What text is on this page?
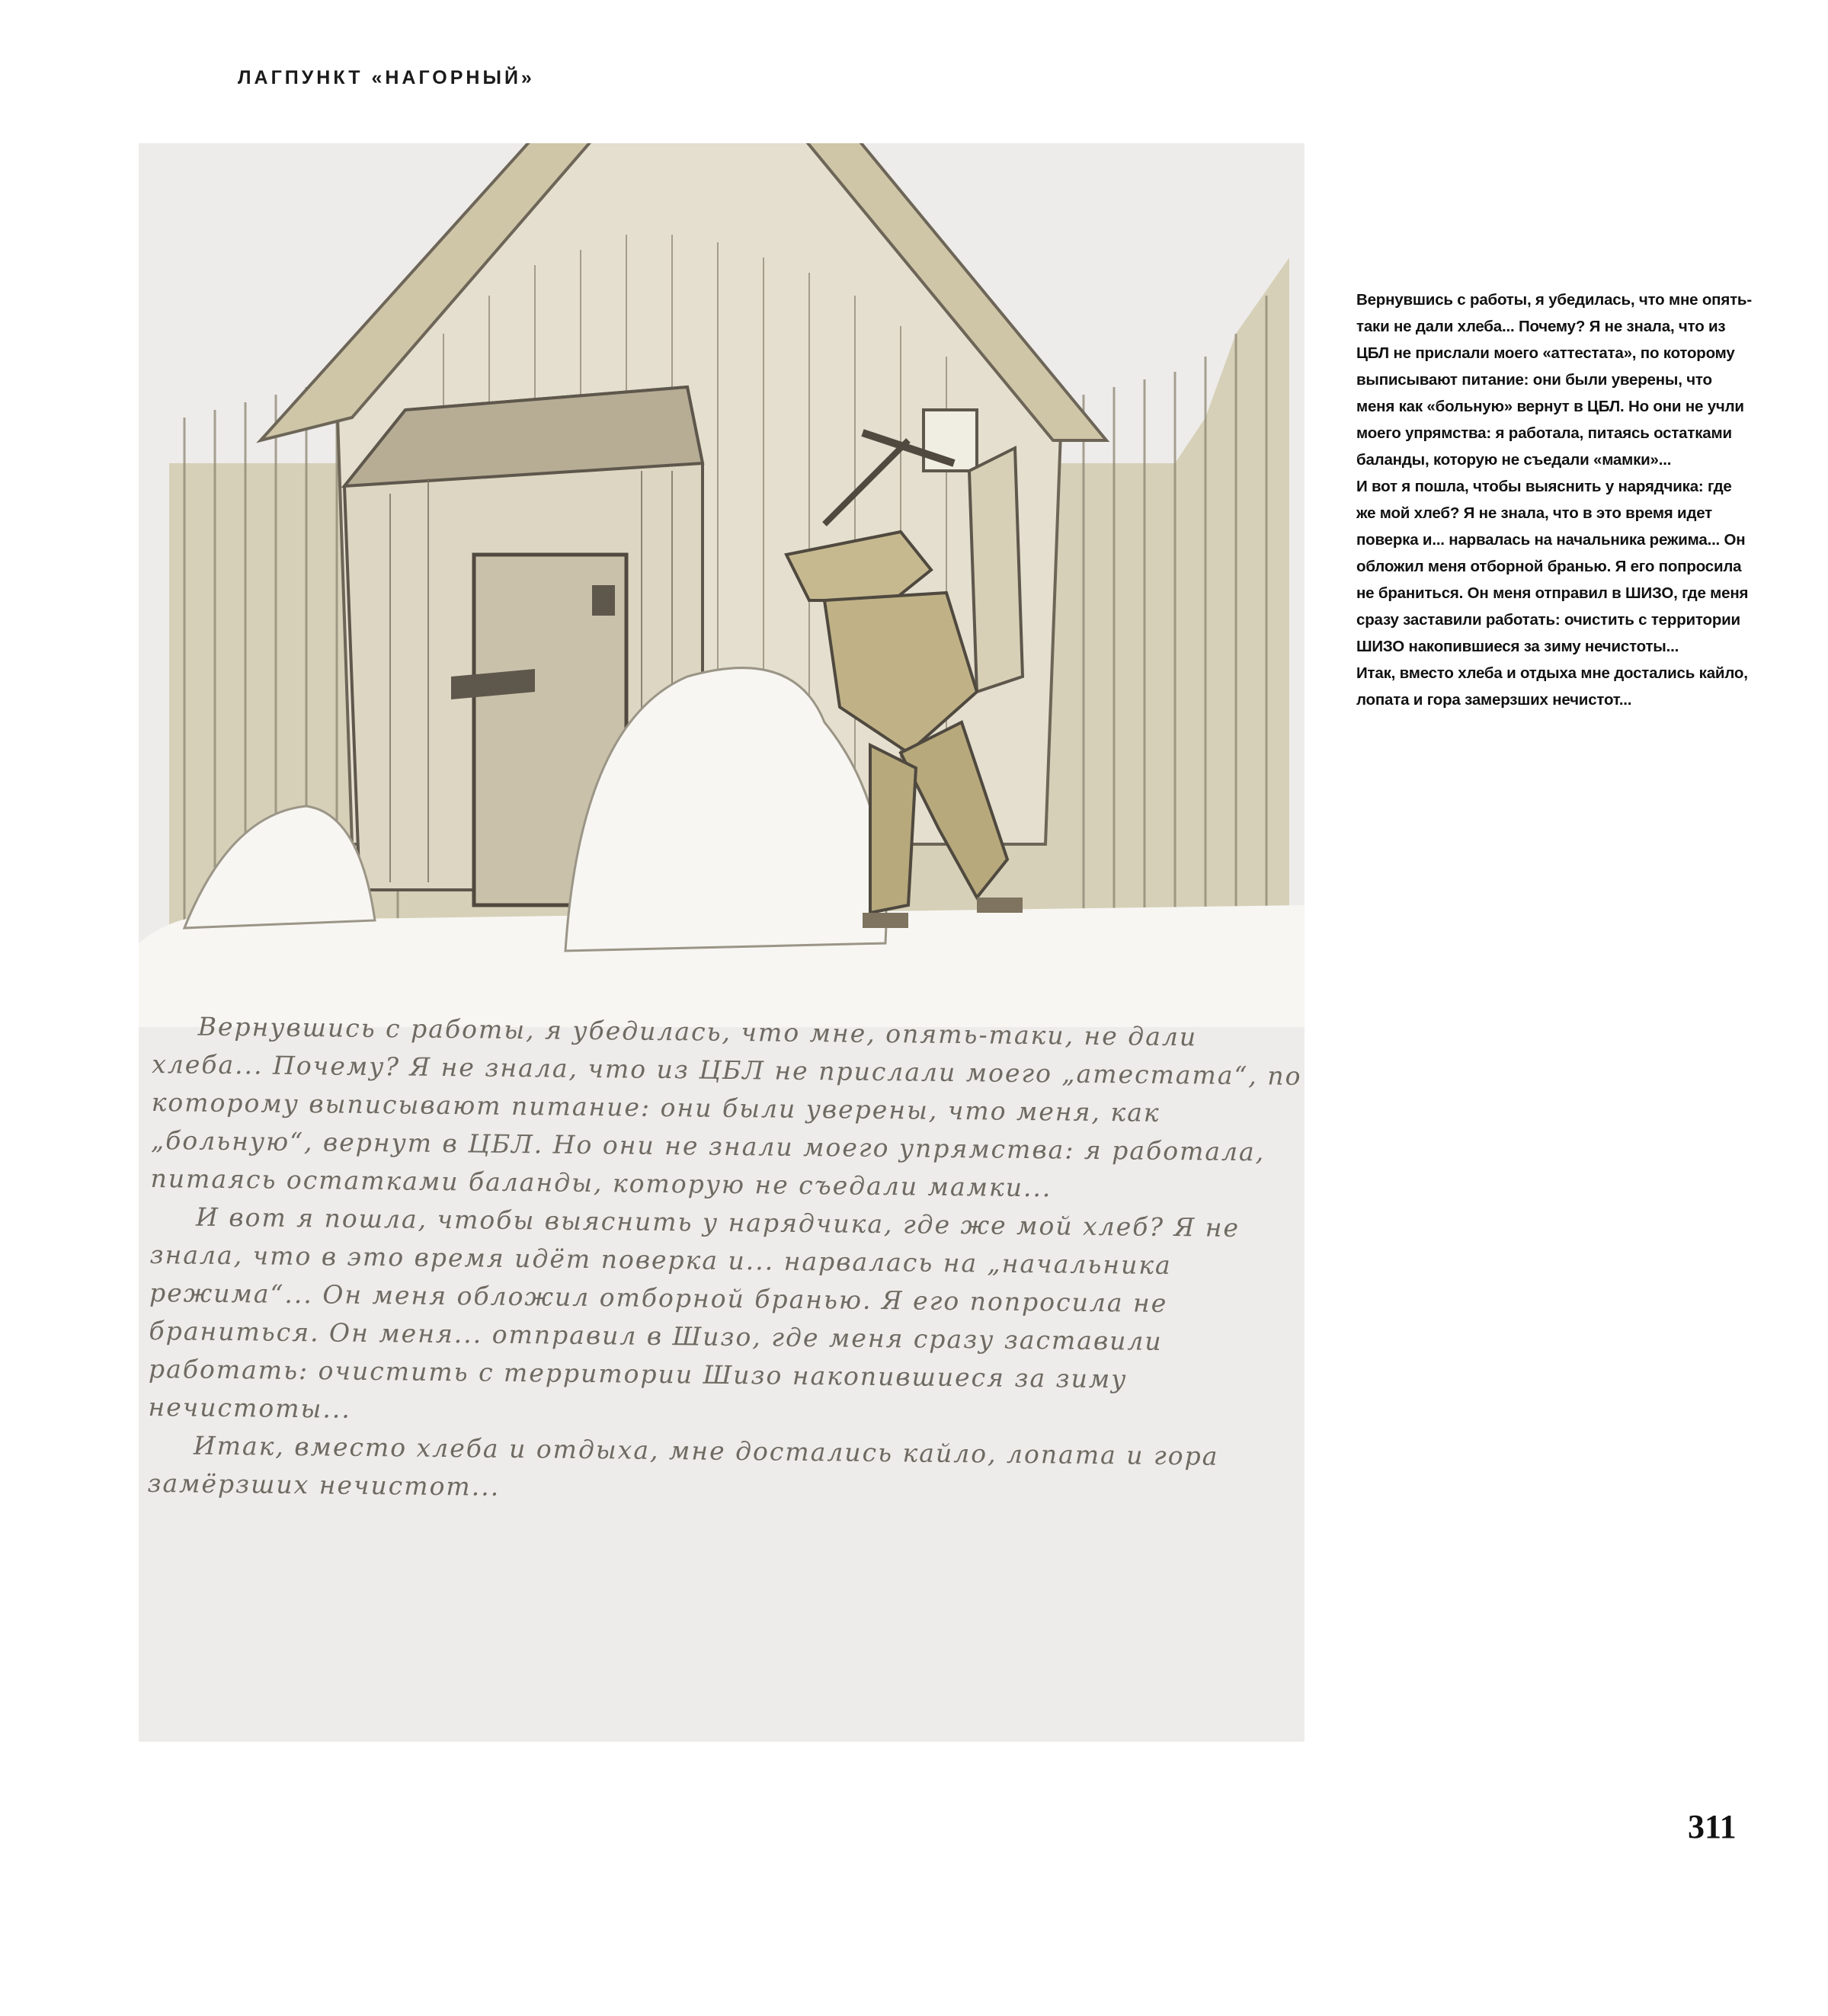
ЛАГПУНКТ «НАГОРНЫЙ»

Вернувшись с работы, я убедилась, что мне, опять-таки, не дали хлеба... Почему? Я не знала, что из ЦБЛ не прислали моего „атестата“, по которому выписывают питание: они были уверены, что меня, как „больную“, вернут в ЦБЛ. Но они не знали моего упрямства: я работала, питаясь остатками баланды, которую не съедали мамки...

И вот я пошла, чтобы выяснить у нарядчика, где же мой хлеб? Я не знала, что в это время идёт поверка и... нарвалась на „начальника режима“... Он меня обложил отборной бранью. Я его попросила не браниться. Он меня... отправил в Шизо, где меня сразу заставили работать: очистить с территории Шизо накопившиеся за зиму нечистоты...

Итак, вместо хлеба и отдыха, мне достались кайло, лопата и гора замёрзших нечистот...

Вернувшись с работы, я убедилась, что мне опять-таки не дали хлеба... Почему? Я не знала, что из ЦБЛ не прислали моего «аттестата», по которому выписывают питание: они были уверены, что меня как «больную» вернут в ЦБЛ. Но они не учли моего упрямства: я работала, питаясь остатками баланды, которую не съедали «мамки»...

И вот я пошла, чтобы выяснить у нарядчика: где же мой хлеб? Я не знала, что в это время идет поверка и... нарвалась на начальника режима... Он обложил меня отборной бранью. Я его попросила не браниться. Он меня отправил в ШИЗО, где меня сразу заставили работать: очистить с территории ШИЗО накопившиеся за зиму нечистоты...

Итак, вместо хлеба и отдыха мне достались кайло, лопата и гора замерзших нечистот...

311
